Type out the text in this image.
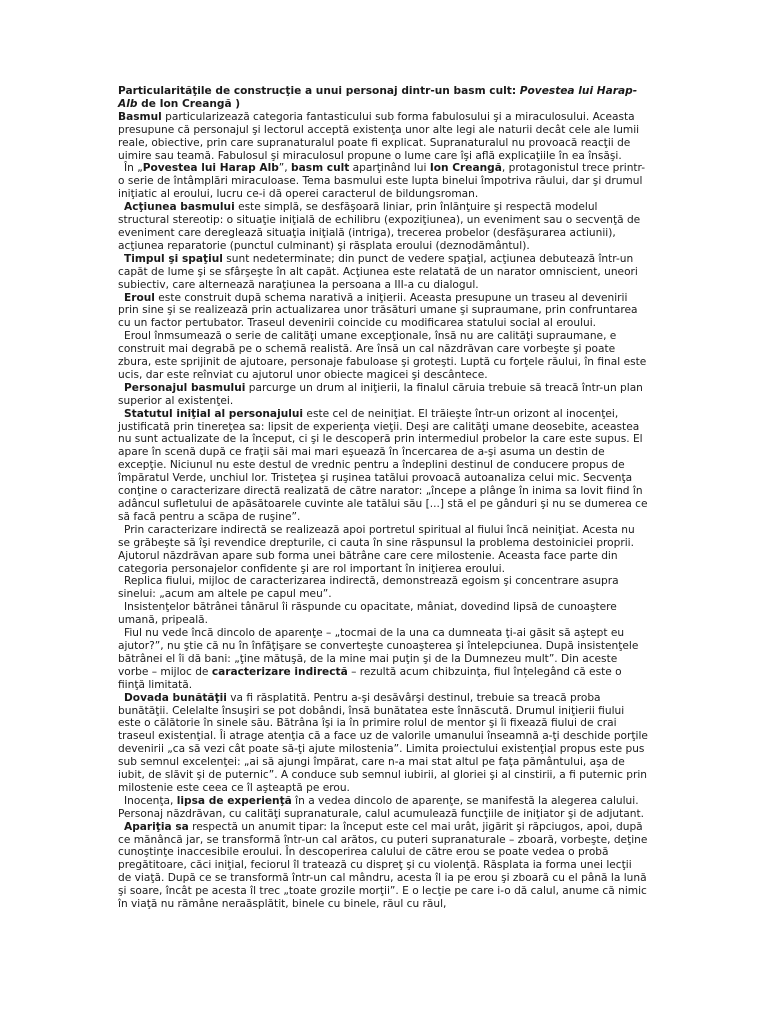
Particularităţile de construcţie a unui personaj dintr-un basm cult: Povestea lui Harap-Alb de Ion Creangă )

Basmul particularizează categoria fantasticului sub forma fabulosului şi a miraculosului. Aceasta presupune că personajul şi lectorul acceptă existenţa unor alte legi ale naturii decât cele ale lumii reale, obiective, prin care supranaturalul poate fi explicat. Supranaturalul nu provoacă reacţii de uimire sau teamă. Fabulosul şi miraculosul propune o lume care îşi află explicaţiile în ea însăşi.

În „Povestea lui Harap Alb”, basm cult aparţinând lui Ion Creangă, protagonistul trece printr-o serie de întâmplări miraculoase. Tema basmului este lupta binelui împotriva răului, dar şi drumul iniţiatic al eroului, lucru ce-i dă operei caracterul de bildungsroman.

Acţiunea basmului este simplă, se desfăşoară liniar, prin înlănţuire şi respectă modelul structural stereotip: o situaţie iniţială de echilibru (expoziţiunea), un eveniment sau o secvenţă de eveniment care dereglează situaţia iniţială (intriga), trecerea probelor (desfăşurarea actiunii), acţiunea reparatorie (punctul culminant) şi răsplata eroului (deznodământul).

Timpul şi spaţiul sunt nedeterminate; din punct de vedere spaţial, acţiunea debutează într-un capăt de lume şi se sfârşeşte în alt capăt. Acţiunea este relatată de un narator omniscient, uneori subiectiv, care alternează naraţiunea la persoana a III-a cu dialogul.

Eroul este construit după schema narativă a iniţierii. Aceasta presupune un traseu al devenirii prin sine şi se realizează prin actualizarea unor trăsături umane şi supraumane, prin confruntarea cu un factor pertubator. Traseul devenirii coincide cu modificarea statului social al eroului.

Eroul înmsumează o serie de calităţi umane excepţionale, însă nu are calităţi supraumane, e construit mai degrabă pe o schemă realistă. Are însă un cal năzdrăvan care vorbeşte şi poate zbura, este sprijinit de ajutoare, personaje fabuloase şi groteşti. Luptă cu forţele răului, în final este ucis, dar este reînviat cu ajutorul unor obiecte magicei şi descântece.

Personajul basmului parcurge un drum al iniţierii, la finalul căruia trebuie să treacă într-un plan superior al existenţei.

Statutul iniţial al personajului este cel de neiniţiat. El trăieşte într-un orizont al inocenţei, justificată prin tinereţea sa: lipsit de experienţa vieţii. Deşi are calităţi umane deosebite, aceastea nu sunt actualizate de la început, ci şi le descoperă prin intermediul probelor la care este supus. El apare în scenă după ce fraţii săi mai mari eşuează în încercarea de a-şi asuma un destin de excepţie. Niciunul nu este destul de vrednic pentru a îndeplini destinul de conducere propus de împăratul Verde, unchiul lor. Tristeţea şi ruşinea tatălui provoacă autoanaliza celui mic. Secvenţa conţine o caracterizare directă realizată de către narator: „începe a plânge în inima sa lovit fiind în adâncul sufletului de apăsătoarele cuvinte ale tatălui său [...] stă el pe gânduri şi nu se dumerea ce să facă pentru a scăpa de ruşine”.

Prin caracterizare indirectă se realizează apoi portretul spiritual al fiului încă neiniţiat. Acesta nu se grăbeşte să îşi revendice drepturile, ci cauta în sine răspunsul la problema destoiniciei proprii. Ajutorul năzdrăvan apare sub forma unei bătrâne care cere milostenie. Aceasta face parte din categoria personajelor confidente şi are rol important în iniţierea eroului.

Replica fiului, mijloc de caracterizarea indirectă, demonstrează egoism şi concentrare asupra sinelui: „acum am altele pe capul meu”.

Insistenţelor bătrânei tânărul îi răspunde cu opacitate, mâniat, dovedind lipsă de cunoaştere umană, pripeală.

Fiul nu vede încă dincolo de aparenţe – „tocmai de la una ca dumneata ţi-ai găsit să aştept eu ajutor?”, nu ştie că nu în înfăţişare se converteşte cunoaşterea şi întelepciunea. După insistenţele bătrânei el îi dă bani: „ţine mătuşă, de la mine mai puţin şi de la Dumnezeu mult”. Din aceste vorbe – mijloc de caracterizare indirectă – rezultă acum chibzuinţa, fiul înțelegând că este o fiinţă limitată.

Dovada bunătăţii va fi răsplatită. Pentru a-şi desăvârşi destinul, trebuie sa treacă proba bunătăţii. Celelalte însuşiri se pot dobândi, însă bunătatea este înnăscută. Drumul iniţierii fiului este o călătorie în sinele său. Bătrâna îşi ia în primire rolul de mentor şi îi fixează fiului de crai traseul existenţial. Îi atrage atenţia că a face uz de valorile umanului înseamnă a-ţi deschide porţile devenirii „ca să vezi cât poate să-ţi ajute milostenia”. Limita proiectului existenţial propus este pus sub semnul excelenţei: „ai să ajungi împărat, care n-a mai stat altul pe faţa pământului, aşa de iubit, de slăvit şi de puternic”. A conduce sub semnul iubirii, al gloriei şi al cinstirii, a fi puternic prin milostenie este ceea ce îl aşteaptă pe erou.

Inocenţa, lipsa de experienţă în a vedea dincolo de aparenţe, se manifestă la alegerea calului. Personaj năzdrăvan, cu calităţi supranaturale, calul acumulează funcţiile de iniţiator şi de adjutant.

Apariţia sa respectă un anumit tipar: la început este cel mai urât, jigărit şi răpciugos, apoi, după ce mănâncă jar, se transformă într-un cal arătos, cu puteri supranaturale – zboară, vorbeşte, deţine cunoştinţe inaccesibile eroului. În descoperirea calului de către erou se poate vedea o probă pregătitoare, căci iniţial, feciorul îl tratează cu dispreţ şi cu violenţă. Răsplata ia forma unei lecţii de viaţă. După ce se transformă într-un cal mândru, acesta îl ia pe erou şi zboară cu el până la lună şi soare, încât pe acesta îl trec „toate grozile morţii”. E o lecţie pe care i-o dă calul, anume că nimic în viaţă nu rămâne neraăsplătit, binele cu binele, răul cu răul,
